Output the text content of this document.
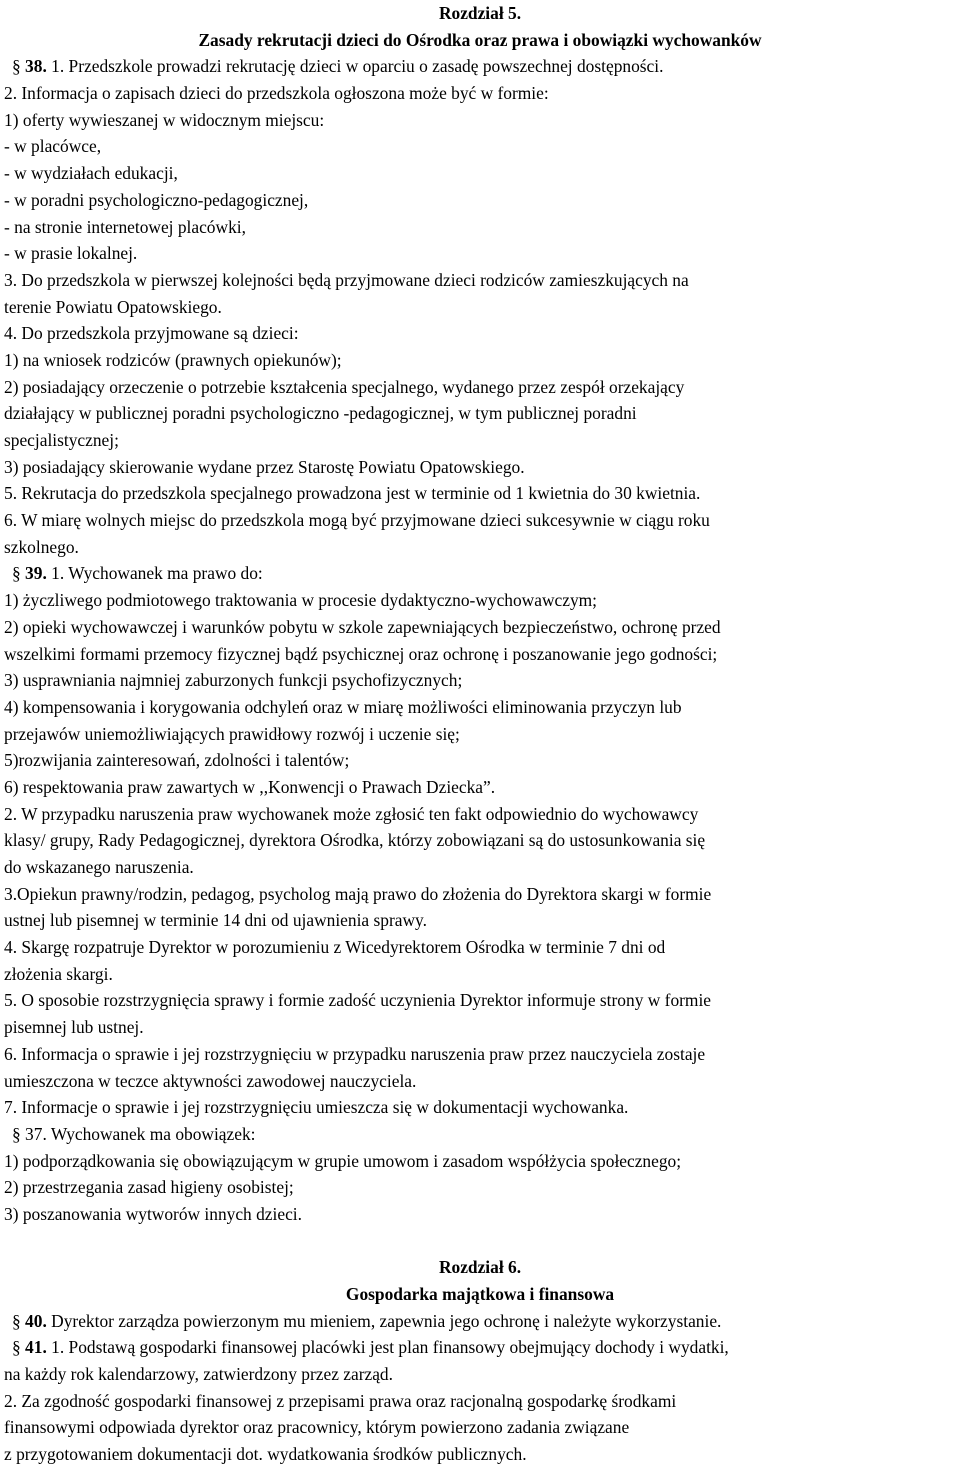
Rozdział 5.
Zasady rekrutacji dzieci do Ośrodka oraz prawa i obowiązki wychowanków
§ 38. 1. Przedszkole prowadzi rekrutację dzieci w oparciu o zasadę powszechnej dostępności.
2. Informacja o zapisach dzieci do przedszkola ogłoszona może być w formie:
1) oferty wywieszanej w widocznym miejscu:
- w placówce,
- w wydziałach edukacji,
- w poradni psychologiczno-pedagogicznej,
- na stronie internetowej placówki,
- w prasie lokalnej.
3. Do przedszkola w pierwszej kolejności będą przyjmowane dzieci rodziców zamieszkujących na
terenie Powiatu Opatowskiego.
4. Do przedszkola przyjmowane są dzieci:
1) na wniosek rodziców (prawnych opiekunów);
2) posiadający orzeczenie o potrzebie kształcenia specjalnego, wydanego przez zespół orzekający
działający w publicznej poradni psychologiczno -pedagogicznej, w tym publicznej poradni
specjalistycznej;
3) posiadający skierowanie wydane przez Starostę Powiatu Opatowskiego.
5. Rekrutacja do przedszkola specjalnego prowadzona jest w terminie od 1 kwietnia do 30 kwietnia.
6. W miarę wolnych miejsc do przedszkola mogą być przyjmowane dzieci sukcesywnie w ciągu roku
szkolnego.
§ 39. 1. Wychowanek ma prawo do:
1) życzliwego podmiotowego traktowania w procesie dydaktyczno-wychowawczym;
2) opieki wychowawczej i warunków pobytu w szkole zapewniających bezpieczeństwo, ochronę przed
wszelkimi formami przemocy fizycznej bądź psychicznej oraz ochronę i poszanowanie jego godności;
3) usprawniania najmniej zaburzonych funkcji psychofizycznych;
4) kompensowania i korygowania odchyleń oraz w miarę możliwości eliminowania przyczyn lub
przejawów uniemożliwiających prawidłowy rozwój i uczenie się;
5)rozwijania zainteresowań, zdolności i talentów;
6) respektowania praw zawartych w ,,Konwencji o Prawach Dziecka”.
2. W przypadku naruszenia praw wychowanek może zgłosić ten fakt odpowiednio do wychowawcy
klasy/ grupy, Rady Pedagogicznej, dyrektora Ośrodka, którzy zobowiązani są do ustosunkowania się
do wskazanego naruszenia.
3.Opiekun prawny/rodzin, pedagog, psycholog mają prawo do złożenia do Dyrektora skargi w formie
ustnej lub pisemnej w terminie 14 dni od ujawnienia sprawy.
4. Skargę rozpatruje Dyrektor w porozumieniu z Wicedyrektorem Ośrodka w terminie 7 dni od
złożenia skargi.
5. O sposobie rozstrzygnięcia sprawy i formie zadość uczynienia Dyrektor informuje strony w formie
pisemnej lub ustnej.
6. Informacja o sprawie i jej rozstrzygnięciu w przypadku naruszenia praw przez nauczyciela zostaje
umieszczona w teczce aktywności zawodowej nauczyciela.
7. Informacje o sprawie i jej rozstrzygnięciu umieszcza się w dokumentacji wychowanka.
§ 37. Wychowanek ma obowiązek:
1) podporządkowania się obowiązującym w grupie umowom i zasadom współżycia społecznego;
2) przestrzegania zasad higieny osobistej;
3) poszanowania wytworów innych dzieci.
Rozdział 6.
Gospodarka majątkowa i finansowa
§ 40. Dyrektor zarządza powierzonym mu mieniem, zapewnia jego ochronę i należyte wykorzystanie.
§ 41. 1. Podstawą gospodarki finansowej placówki jest plan finansowy obejmujący dochody i wydatki,
na każdy rok kalendarzowy, zatwierdzony przez zarząd.
2. Za zgodność gospodarki finansowej z przepisami prawa oraz racjonalną gospodarkę środkami
finansowymi odpowiada dyrektor oraz pracownicy, którym powierzono zadania związane
z przygotowaniem dokumentacji dot. wydatkowania środków publicznych.
